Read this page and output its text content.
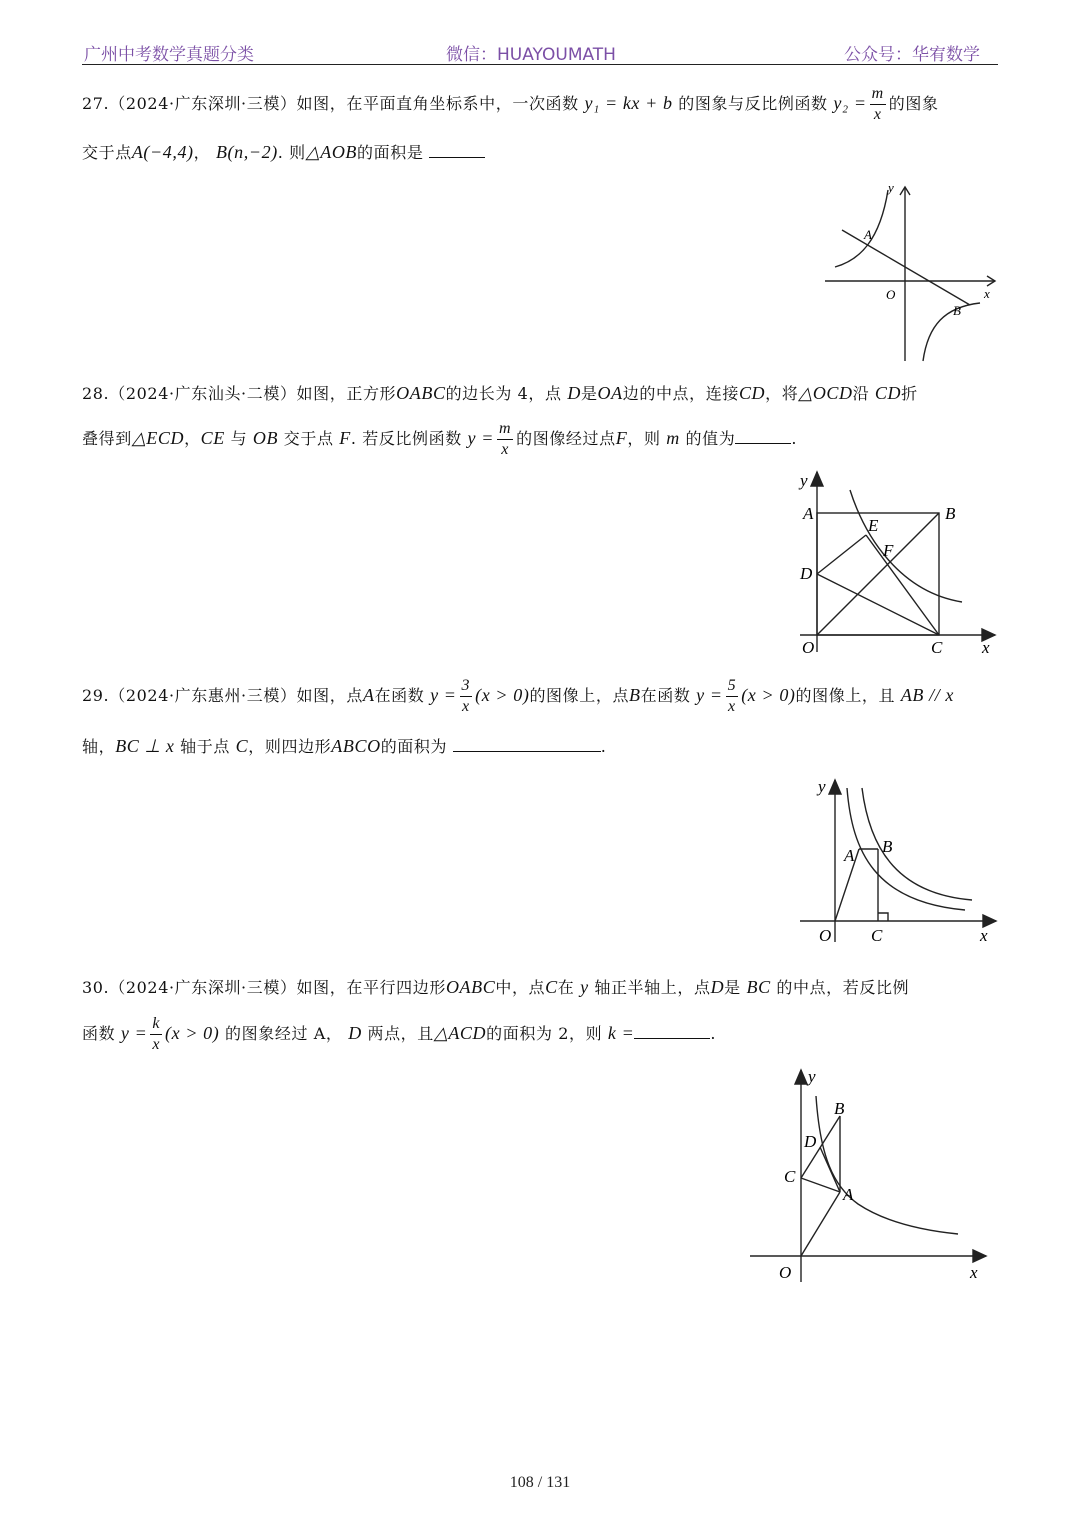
广州中考数学真题分类	微信：HUAYOUMATH	公众号：华宥数学
27.（2024·广东深圳·三模）如图，在平面直角坐标系中，一次函数 y₁ = kx + b 的图象与反比例函数 $y_2 = \frac{m}{x}$ 的图象
交于点A(−4,4)， B(n,−2). 则△AOB的面积是
A
B
O	x
y
28.（2024·广东汕头·二模）如图，正方形OABC的边长为 4，点 D是OA边的中点，连接CD，将△OCD沿 CD折
叠得到△ECD，CE 与 OB 交于点 F. 若反比例函数 $y = \frac{m}{x}$ 的图像经过点F，则 m 的值为	.
A	B
C
D
E
F
O	x
y
29.（2024·广东惠州·三模）如图，点A在函数 $y = \frac{3}{x} (x > 0)$的图像上，点B在函数 $y = \frac{5}{x} (x > 0)$的图像上，且 AB // x
轴，BC ⊥ x 轴于点 C，则四边形ABCO的面积为	.
A B
C
O	x
y
30.（2024·广东深圳·三模）如图，在平行四边形OABC中，点C在 y 轴正半轴上，点D是 BC 的中点，若反比例
函数 $y = \frac{k}{x} (x > 0)$ 的图象经过 A， D 两点，且△ACD的面积为 2，则 k =	.
B
D
C
A
O	x
y
108 / 131
